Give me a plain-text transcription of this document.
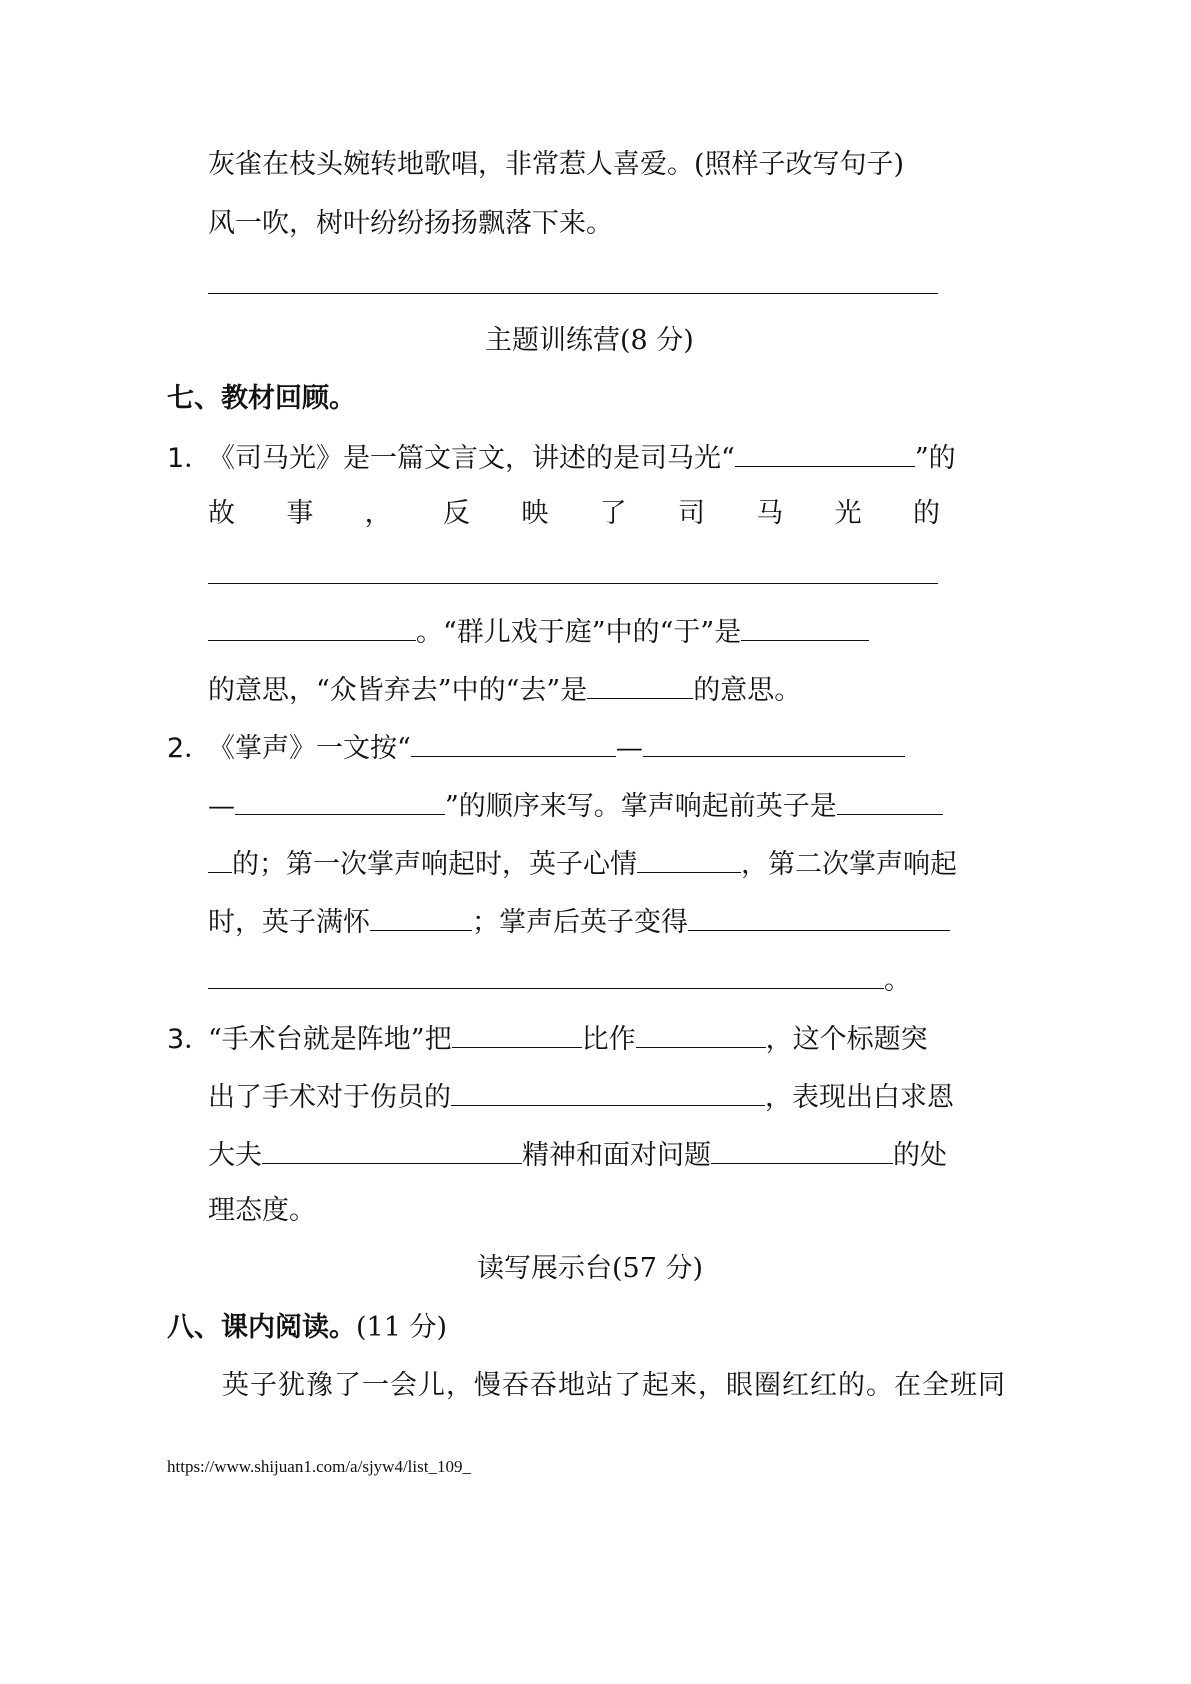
灰雀在枝头婉转地歌唱，非常惹人喜爱。(照样子改写句子)
风一吹，树叶纷纷扬扬飘落下来。
主题训练营(8 分)
七、教材回顾。
1．《司马光》是一篇文言文，讲述的是司马光“	”的
故 事 ， 反 映 了 司 马 光 的
。“群儿戏于庭”中的“于”是
的意思，“众皆弃去”中的“去”是	的意思。
2．《掌声》一文按“	—
—	”的顺序来写。掌声响起前英子是
的；第一次掌声响起时，英子心情	，第二次掌声响起
时，英子满怀	；掌声后英子变得
。
3．“手术台就是阵地”把	比作	，这个标题突
出了手术对于伤员的	，表现出白求恩
大夫	精神和面对问题	的处
理态度。
读写展示台(57 分)
八、课内阅读。(11 分)
英子犹豫了一会儿，慢吞吞地站了起来，眼圈红红的。在全班同
https://www.shijuan1.com/a/sjyw4/list_109_
